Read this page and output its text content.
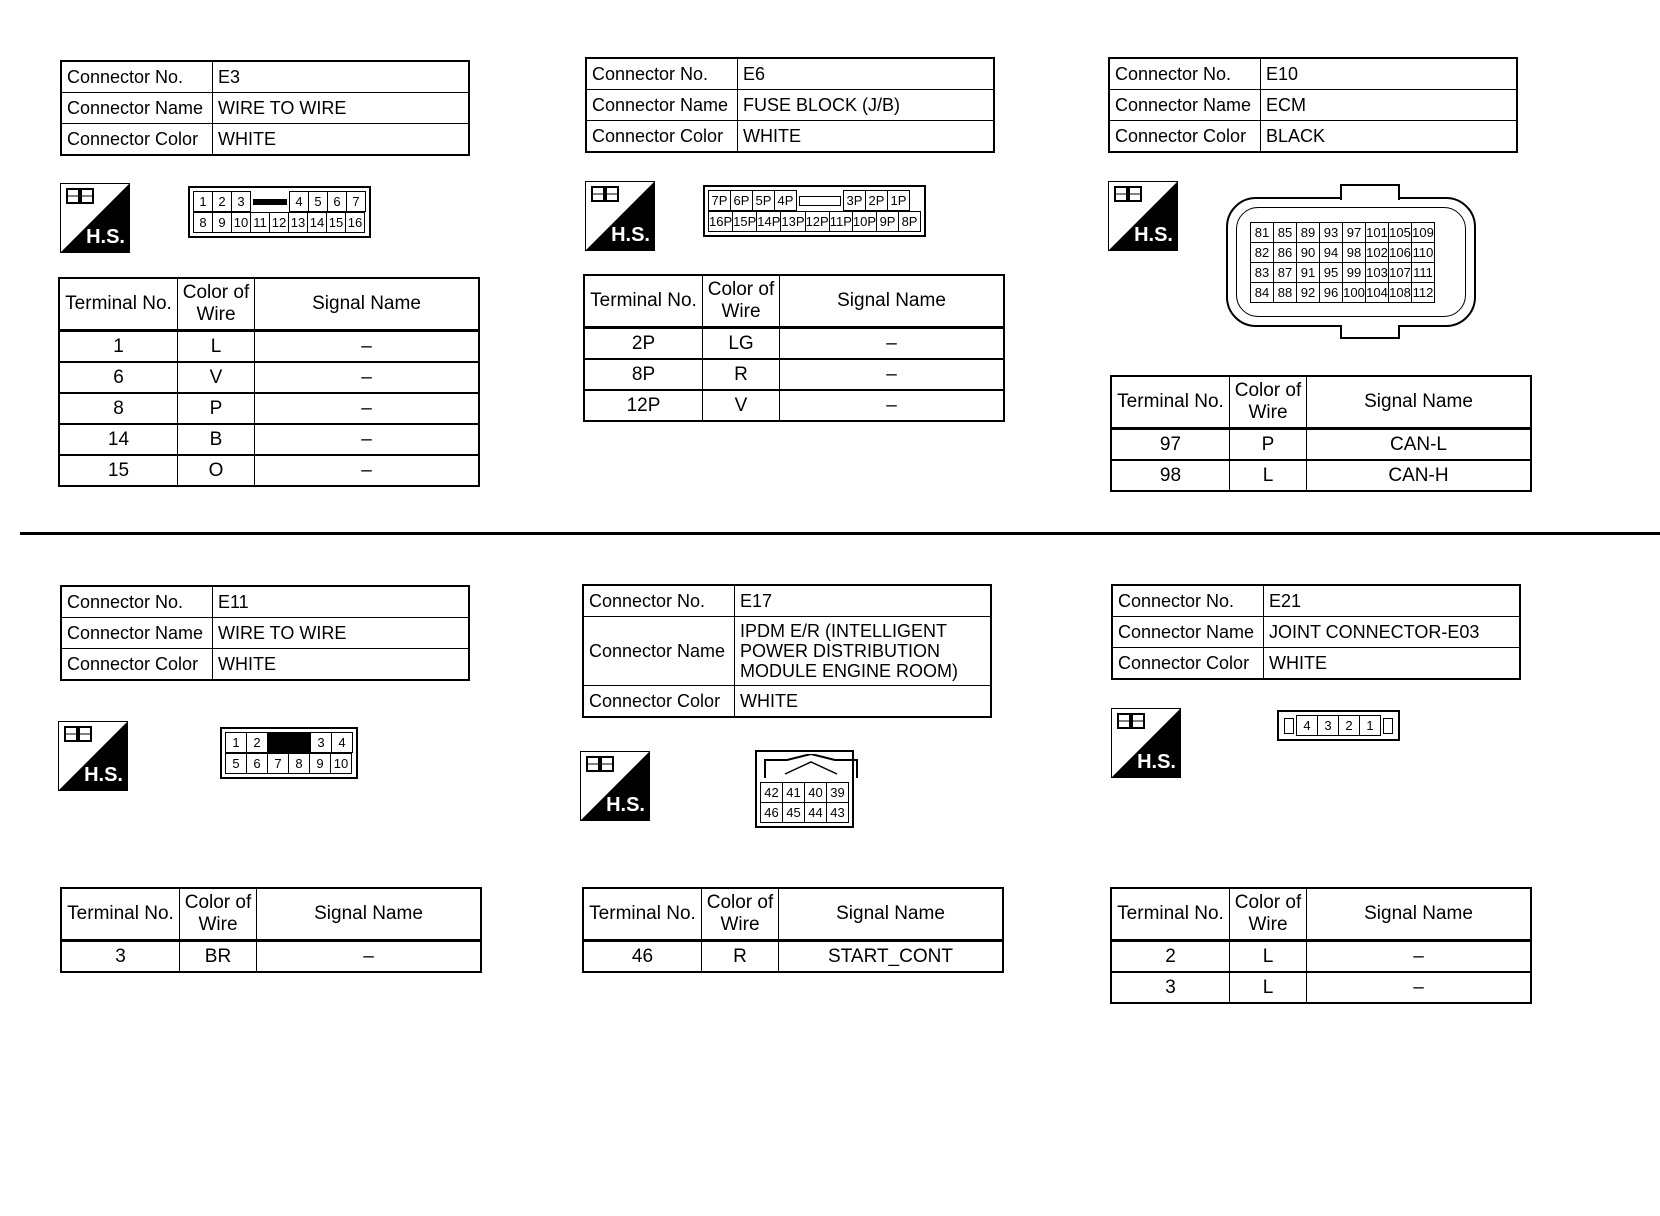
Connector No.	E3
Connector Name	WIRE TO WIRE
Connector Color	WHITE
H.S.
1	2	3		4	5	6	7
8	9	10	11	12	13	14	15	16
Terminal No.	Color of Wire	Signal Name
1	L	–
6	V	–
8	P	–
14	B	–
15	O	–
Connector No.	E6
Connector Name	FUSE BLOCK (J/B)
Connector Color	WHITE
H.S.
7P	6P	5P	4P		3P	2P	1P
16P	15P	14P	13P	12P	11P	10P	9P	8P
Terminal No.	Color of Wire	Signal Name
2P	LG	–
8P	R	–
12P	V	–
Connector No.	E10
Connector Name	ECM
Connector Color	BLACK
H.S.	81	85	89	93	97	101	105	109
82	86	90	94	98	102	106	110
83	87	91	95	99	103	107	111
84	88	92	96	100	104	108	112
Terminal No.	Color of Wire	Signal Name
97	P	CAN-L
98	L	CAN-H
Connector No.	E11
Connector Name	WIRE TO WIRE
Connector Color	WHITE
H.S.
1	2		3	4
5	6	7	8	9	10
Terminal No.	Color of Wire	Signal Name
3	BR	–
Connector No.	E17
Connector Name	IPDM E/R (INTELLIGENT POWER DISTRIBUTION MODULE ENGINE ROOM)
Connector Color	WHITE
H.S.
42	41	40	39
46	45	44	43
Terminal No.	Color of Wire	Signal Name
46	R	START_CONT
Connector No.	E21
Connector Name	JOINT CONNECTOR-E03
Connector Color	WHITE
H.S.
	4	3	2	1	
Terminal No.	Color of Wire	Signal Name
2	L	–
3	L	–
